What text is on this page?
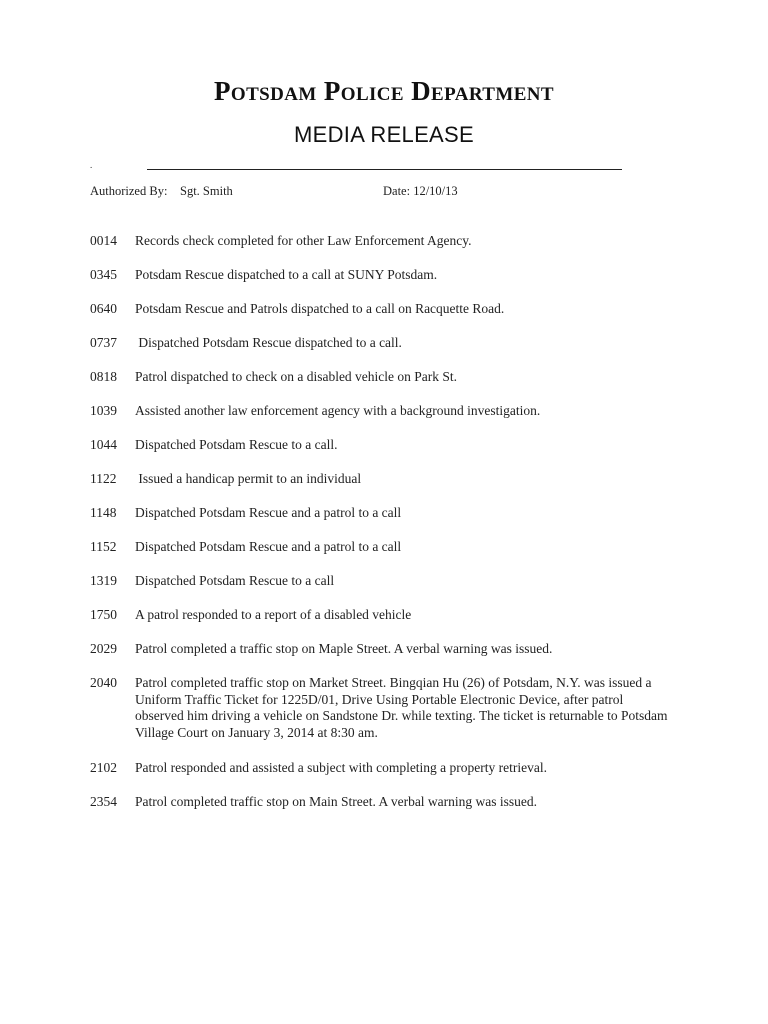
Potsdam Police Department
MEDIA RELEASE
.
Authorized By: Sgt. Smith	Date: 12/10/13
0014	Records check completed for other Law Enforcement Agency.
0345	Potsdam Rescue dispatched to a call at SUNY Potsdam.
0640	Potsdam Rescue and Patrols dispatched to a call on Racquette Road.
0737	Dispatched Potsdam Rescue dispatched to a call.
0818	Patrol dispatched to check on a disabled vehicle on Park St.
1039	Assisted another law enforcement agency with a background investigation.
1044	Dispatched Potsdam Rescue to a call.
1122	Issued a handicap permit to an individual
1148	Dispatched Potsdam Rescue and a patrol to a call
1152	Dispatched Potsdam Rescue and a patrol to a call
1319	Dispatched Potsdam Rescue to a call
1750	A patrol responded to a report of a disabled vehicle
2029	Patrol completed a traffic stop on Maple Street. A verbal warning was issued.
2040	Patrol completed traffic stop on Market Street. Bingqian Hu (26) of Potsdam, N.Y. was issued a Uniform Traffic Ticket for 1225D/01, Drive Using Portable Electronic Device, after patrol observed him driving a vehicle on Sandstone Dr. while texting. The ticket is returnable to Potsdam Village Court on January 3, 2014 at 8:30 am.
2102	Patrol responded and assisted a subject with completing a property retrieval.
2354	Patrol completed traffic stop on Main Street. A verbal warning was issued.
